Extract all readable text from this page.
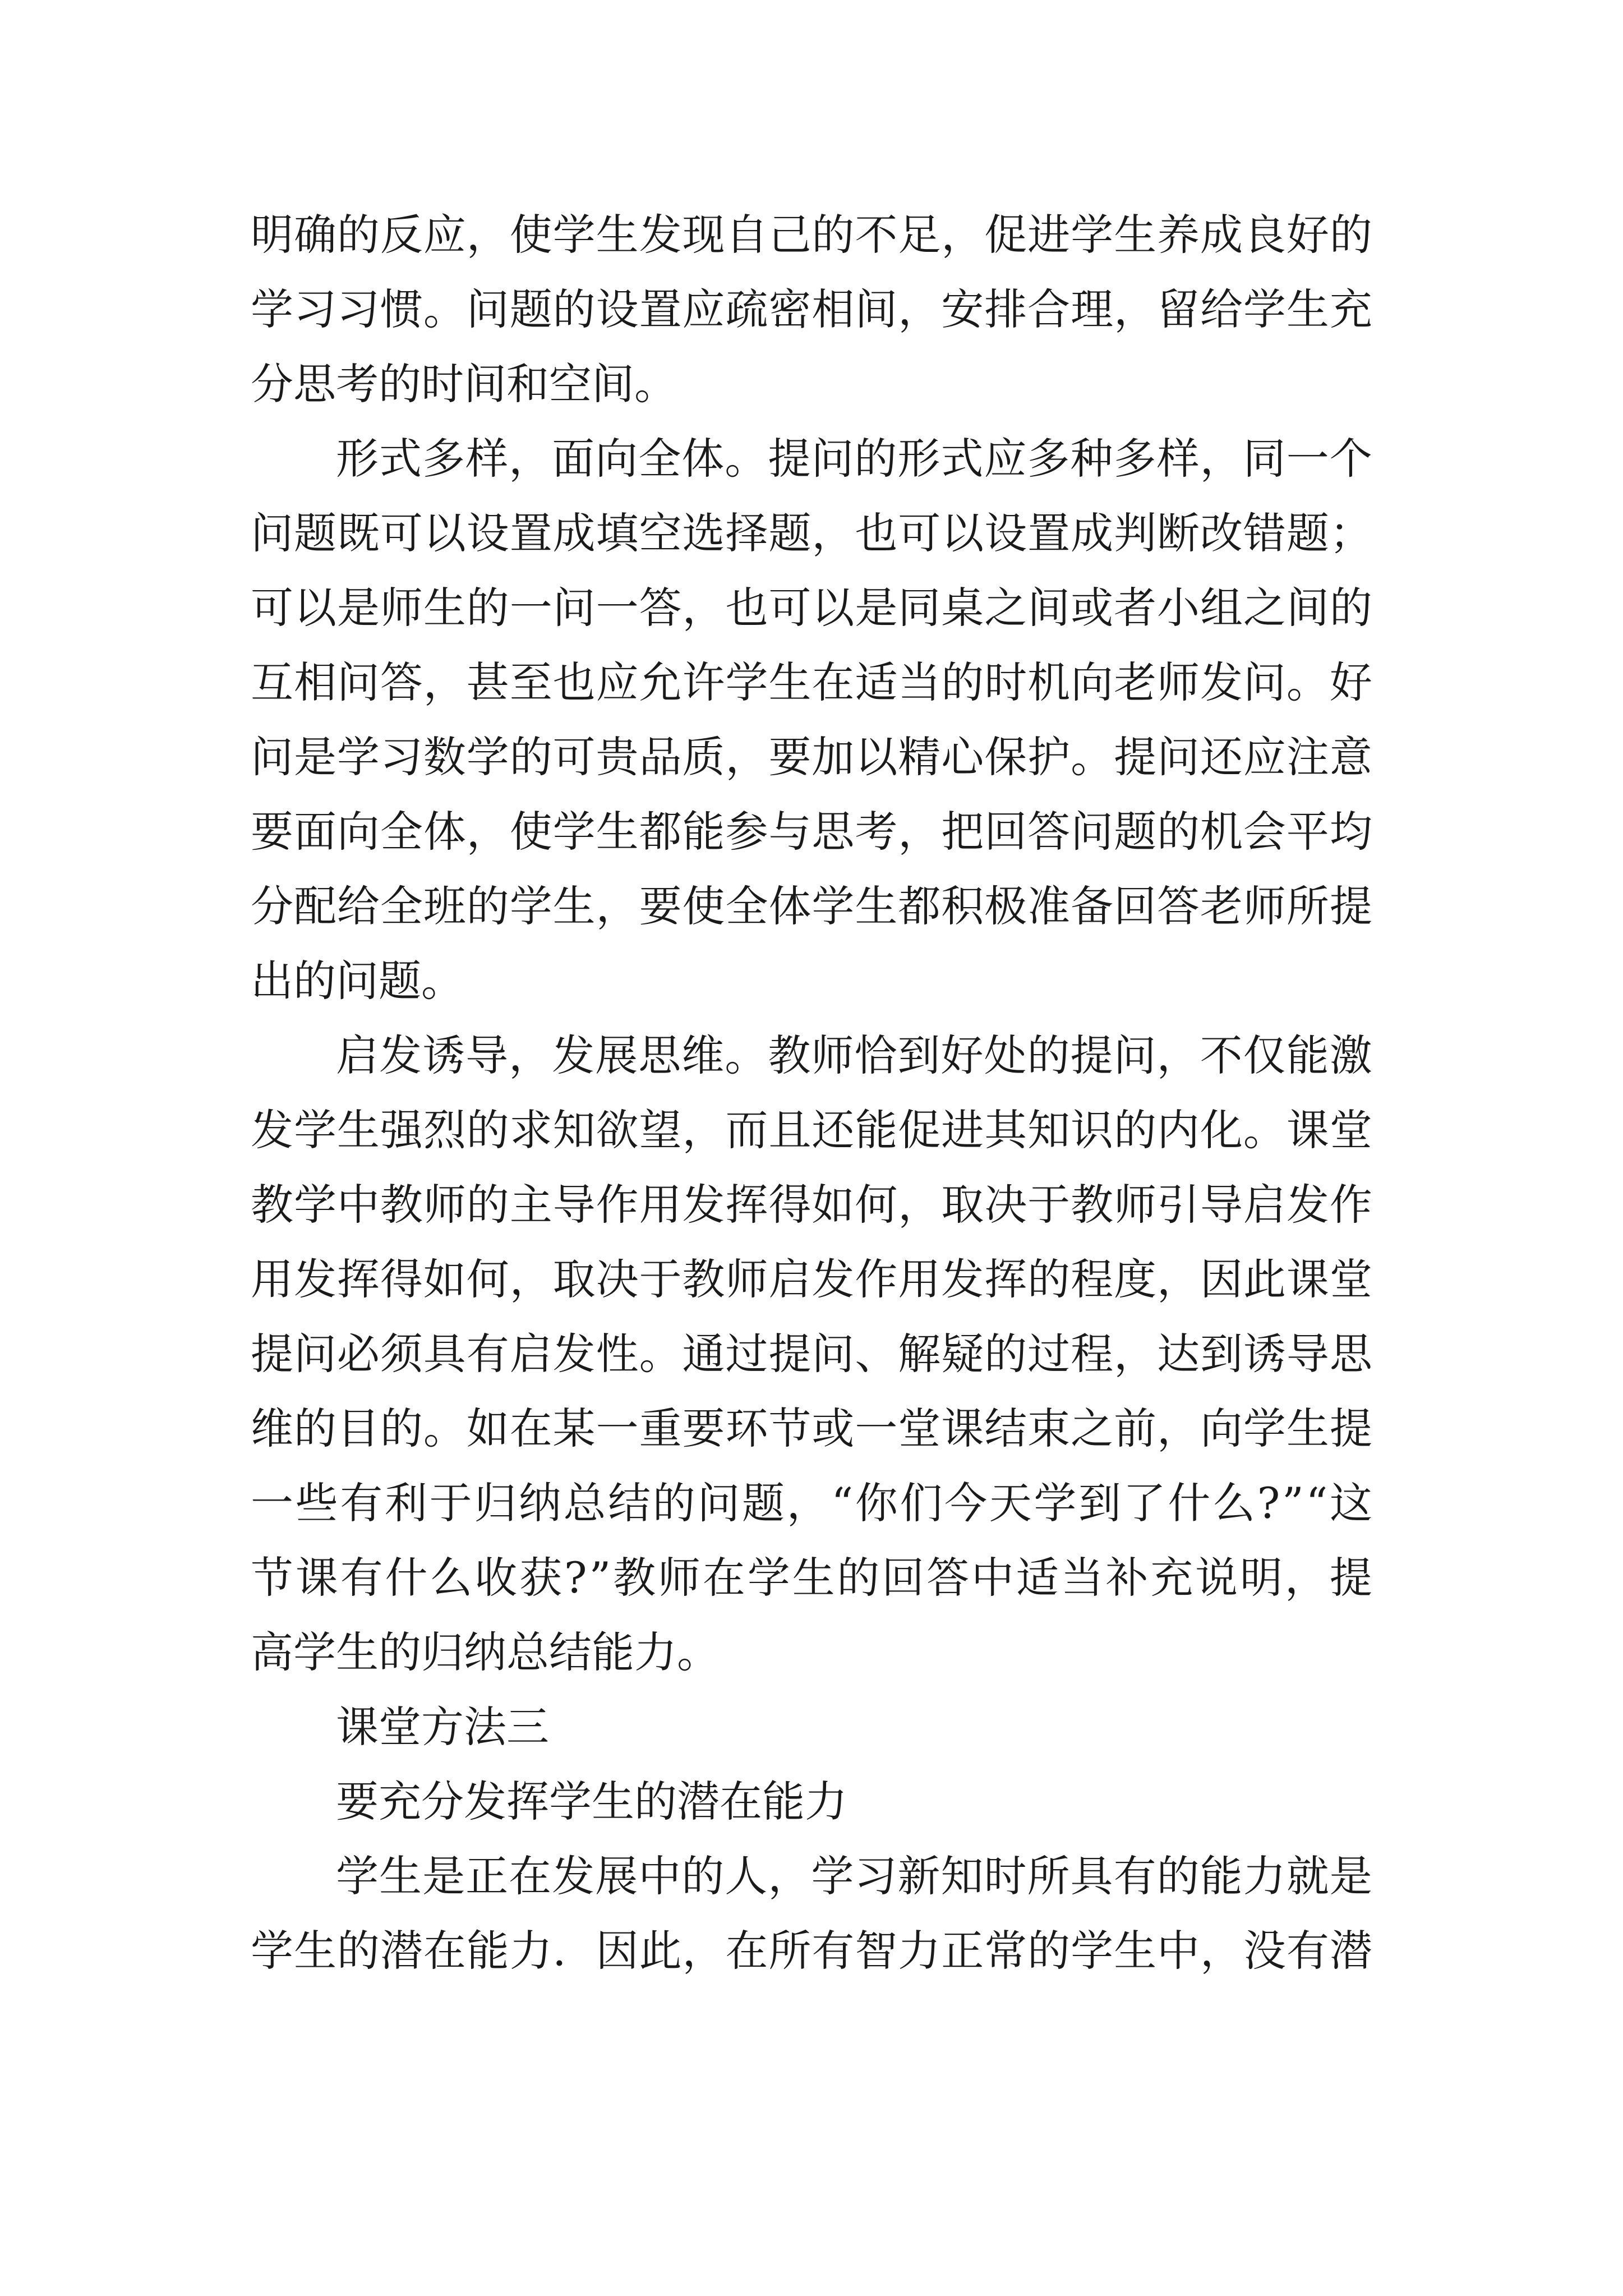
明 确 的 反 应 ， 使 学 生 发 现 自 己 的 不 足 ， 促 进 学 生 养 成 良 好 的
学 习 习 惯 。 问 题 的 设 置 应 疏 密 相 间 ， 安 排 合 理 ， 留 给 学 生 充
分思考的时间和空间。
形 式 多 样 ， 面 向 全 体 。 提 问 的 形 式 应 多 种 多 样 ， 同 一 个
问 题 既 可 以 设 置 成 填 空 选 择 题 ， 也 可 以 设 置 成 判 断 改 错 题 ；
可 以 是 师 生 的 一 问 一 答 ， 也 可 以 是 同 桌 之 间 或 者 小 组 之 间 的
互 相 问 答 ， 甚 至 也 应 允 许 学 生 在 适 当 的 时 机 向 老 师 发 问 。 好
问 是 学 习 数 学 的 可 贵 品 质 ， 要 加 以 精 心 保 护 。 提 问 还 应 注 意
要 面 向 全 体 ， 使 学 生 都 能 参 与 思 考 ， 把 回 答 问 题 的 机 会 平 均
分 配 给 全 班 的 学 生 ， 要 使 全 体 学 生 都 积 极 准 备 回 答 老 师 所 提
出的问题。
启 发 诱 导 ， 发 展 思 维 。 教 师 恰 到 好 处 的 提 问 ， 不 仅 能 激
发 学 生 强 烈 的 求 知 欲 望 ， 而 且 还 能 促 进 其 知 识 的 内 化 。 课 堂
教 学 中 教 师 的 主 导 作 用 发 挥 得 如 何 ， 取 决 于 教 师 引 导 启 发 作
用 发 挥 得 如 何 ， 取 决 于 教 师 启 发 作 用 发 挥 的 程 度 ， 因 此 课 堂
提 问 必 须 具 有 启 发 性 。 通 过 提 问 、 解 疑 的 过 程 ， 达 到 诱 导 思
维 的 目 的 。 如 在 某 一 重 要 环 节 或 一 堂 课 结 束 之 前 ， 向 学 生 提
一 些 有 利 于 归 纳 总 结 的 问 题 ， “ 你 们 今 天 学 到 了 什 么 ? ” “ 这
节 课 有 什 么 收 获 ? ” 教 师 在 学 生 的 回 答 中 适 当 补 充 说 明 ， 提
高学生的归纳总结能力。
课堂方法三
要充分发挥学生的潜在能力
学 生 是 正 在 发 展 中 的 人 ， 学 习 新 知 时 所 具 有 的 能 力 就 是
学 生 的 潜 在 能 力 ． 因 此 ， 在 所 有 智 力 正 常 的 学 生 中 ， 没 有 潜
